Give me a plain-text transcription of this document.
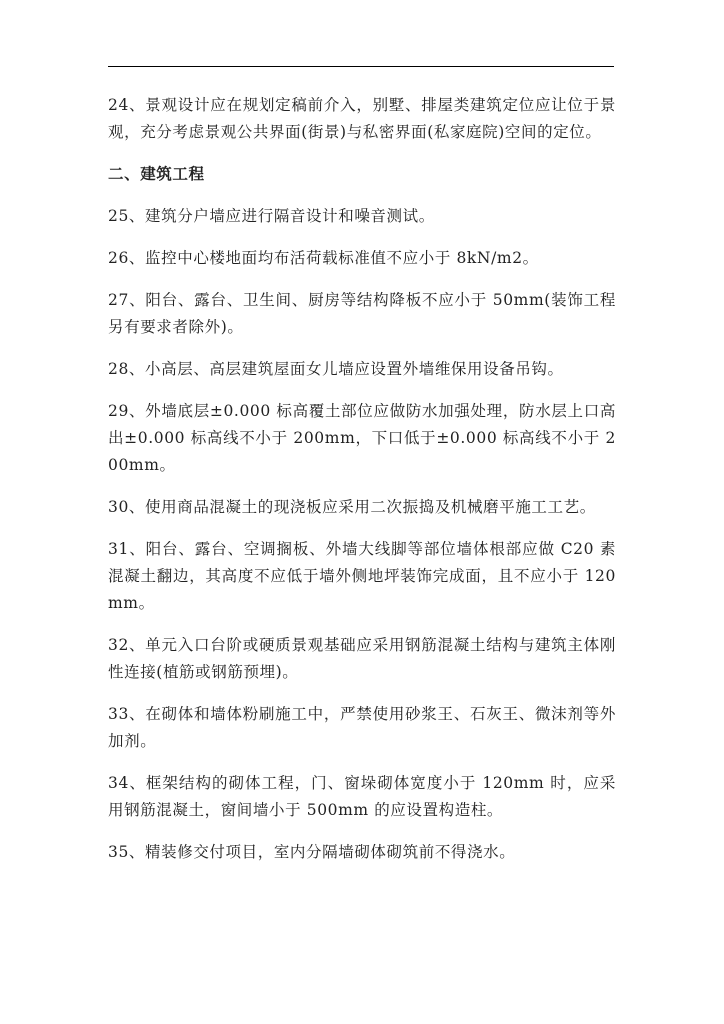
24、景观设计应在规划定稿前介入，别墅、排屋类建筑定位应让位于景观，充分考虑景观公共界面(街景)与私密界面(私家庭院)空间的定位。

二、建筑工程

25、建筑分户墙应进行隔音设计和噪音测试。

26、监控中心楼地面均布活荷载标准值不应小于 8kN/m2。

27、阳台、露台、卫生间、厨房等结构降板不应小于 50mm(装饰工程另有要求者除外)。

28、小高层、高层建筑屋面女儿墙应设置外墙维保用设备吊钩。

29、外墙底层±0.000 标高覆土部位应做防水加强处理，防水层上口高出±0.000 标高线不小于 200mm，下口低于±0.000 标高线不小于 200mm。

30、使用商品混凝土的现浇板应采用二次振捣及机械磨平施工工艺。

31、阳台、露台、空调搁板、外墙大线脚等部位墙体根部应做 C20 素混凝土翻边，其高度不应低于墙外侧地坪装饰完成面，且不应小于 120mm。

32、单元入口台阶或硬质景观基础应采用钢筋混凝土结构与建筑主体刚性连接(植筋或钢筋预埋)。

33、在砌体和墙体粉刷施工中，严禁使用砂浆王、石灰王、微沫剂等外加剂。

34、框架结构的砌体工程，门、窗垛砌体宽度小于 120mm 时，应采用钢筋混凝土，窗间墙小于 500mm 的应设置构造柱。

35、精装修交付项目，室内分隔墙砌体砌筑前不得浇水。
